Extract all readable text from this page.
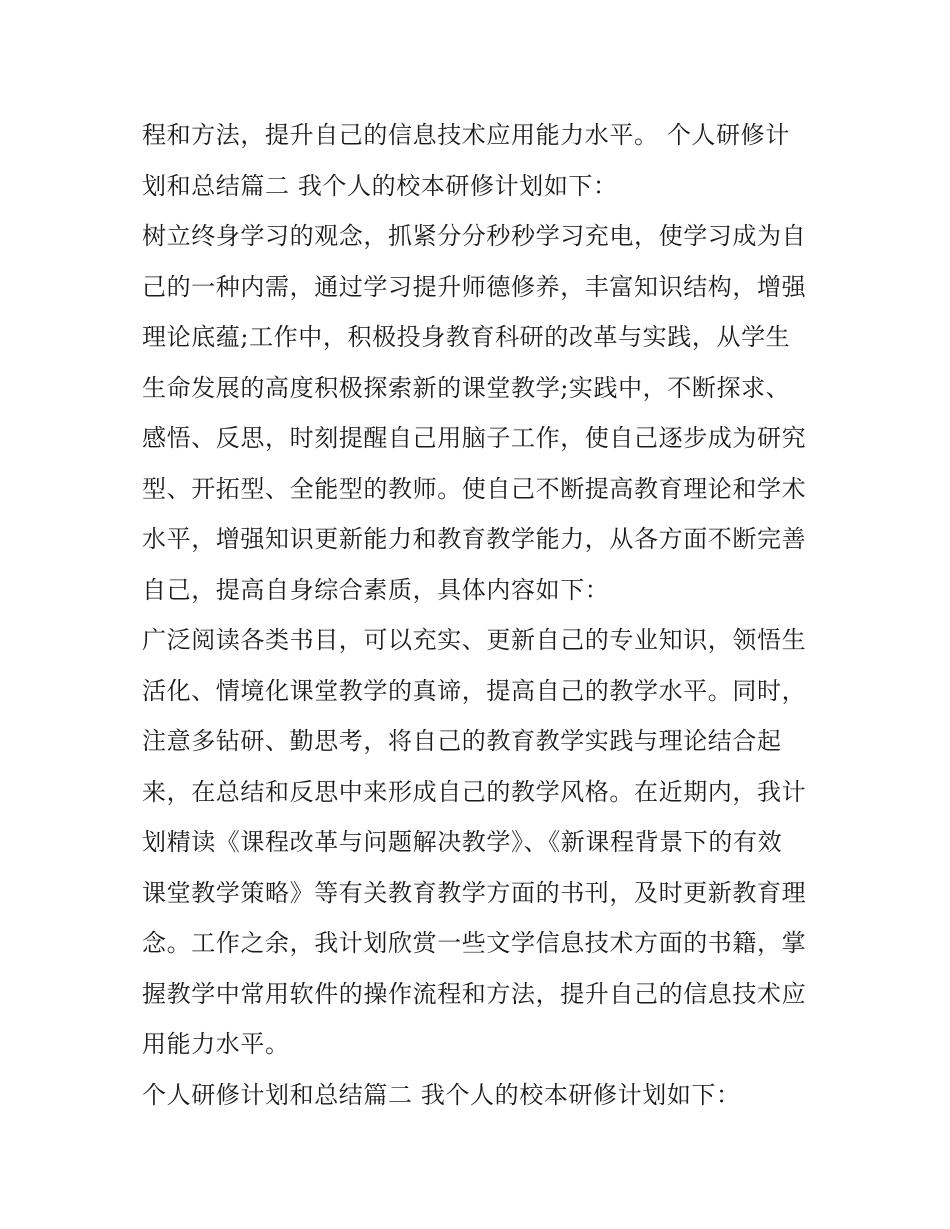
程和方法，提升自己的信息技术应用能力水平。 个人研修计
划和总结篇二 我个人的校本研修计划如下：
树立终身学习的观念，抓紧分分秒秒学习充电，使学习成为自
己的一种内需，通过学习提升师德修养，丰富知识结构，增强
理论底蕴;工作中，积极投身教育科研的改革与实践，从学生
生命发展的高度积极探索新的课堂教学;实践中，不断探求、
感悟、反思，时刻提醒自己用脑子工作，使自己逐步成为研究
型、开拓型、全能型的教师。使自己不断提高教育理论和学术
水平，增强知识更新能力和教育教学能力，从各方面不断完善
自己，提高自身综合素质，具体内容如下：
广泛阅读各类书目，可以充实、更新自己的专业知识，领悟生
活化、情境化课堂教学的真谛，提高自己的教学水平。同时，
注意多钻研、勤思考，将自己的教育教学实践与理论结合起
来，在总结和反思中来形成自己的教学风格。在近期内，我计
划精读《课程改革与问题解决教学》、《新课程背景下的有效
课堂教学策略》等有关教育教学方面的书刊，及时更新教育理
念。工作之余，我计划欣赏一些文学信息技术方面的书籍，掌
握教学中常用软件的操作流程和方法，提升自己的信息技术应
用能力水平。
个人研修计划和总结篇二 我个人的校本研修计划如下：
